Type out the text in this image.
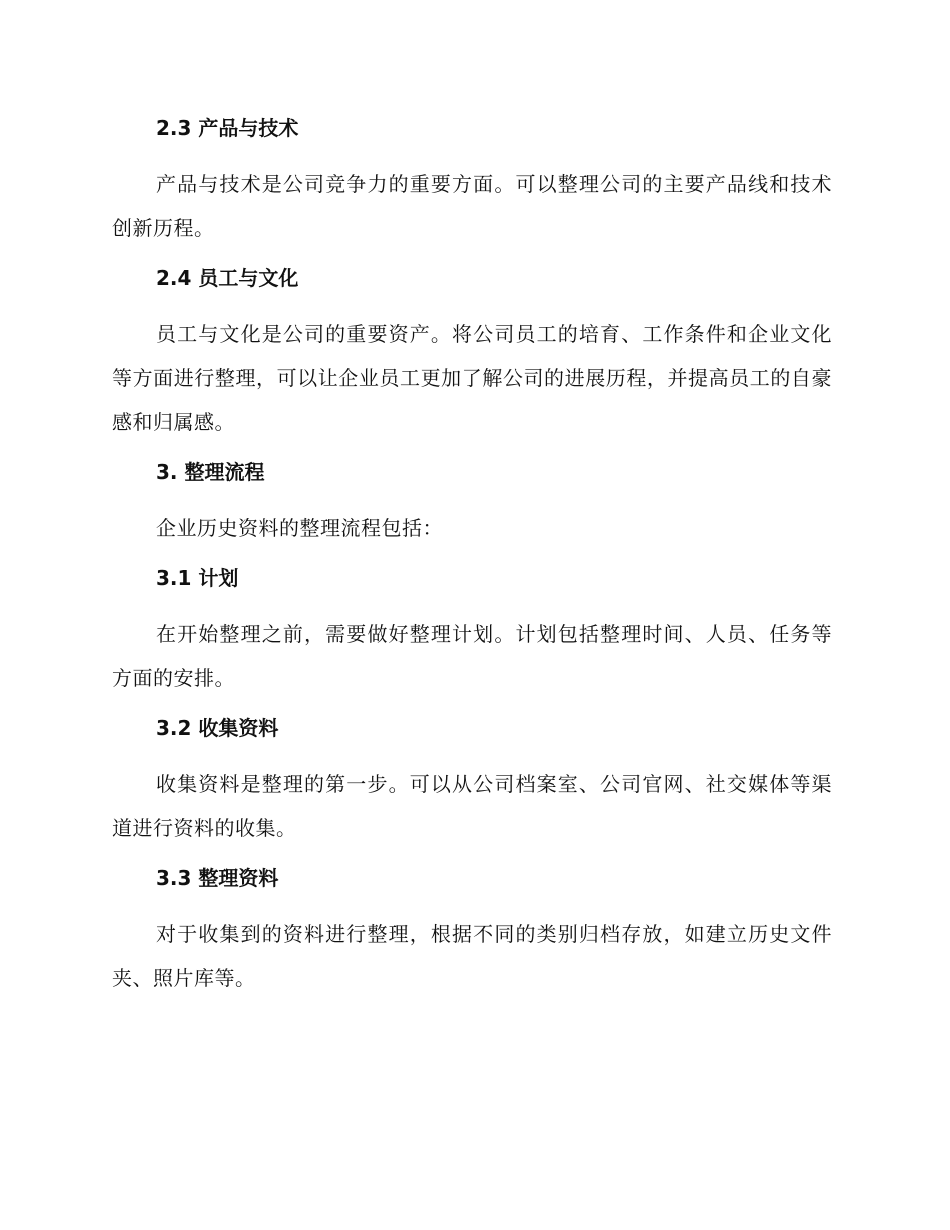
2.3 产品与技术

产品与技术是公司竞争力的重要方面。可以整理公司的主要产品线和技术创新历程。

2.4 员工与文化

员工与文化是公司的重要资产。将公司员工的培育、工作条件和企业文化等方面进行整理，可以让企业员工更加了解公司的进展历程，并提高员工的自豪感和归属感。

3. 整理流程

企业历史资料的整理流程包括：

3.1 计划

在开始整理之前，需要做好整理计划。计划包括整理时间、人员、任务等方面的安排。

3.2 收集资料

收集资料是整理的第一步。可以从公司档案室、公司官网、社交媒体等渠道进行资料的收集。

3.3 整理资料

对于收集到的资料进行整理，根据不同的类别归档存放，如建立历史文件夹、照片库等。
